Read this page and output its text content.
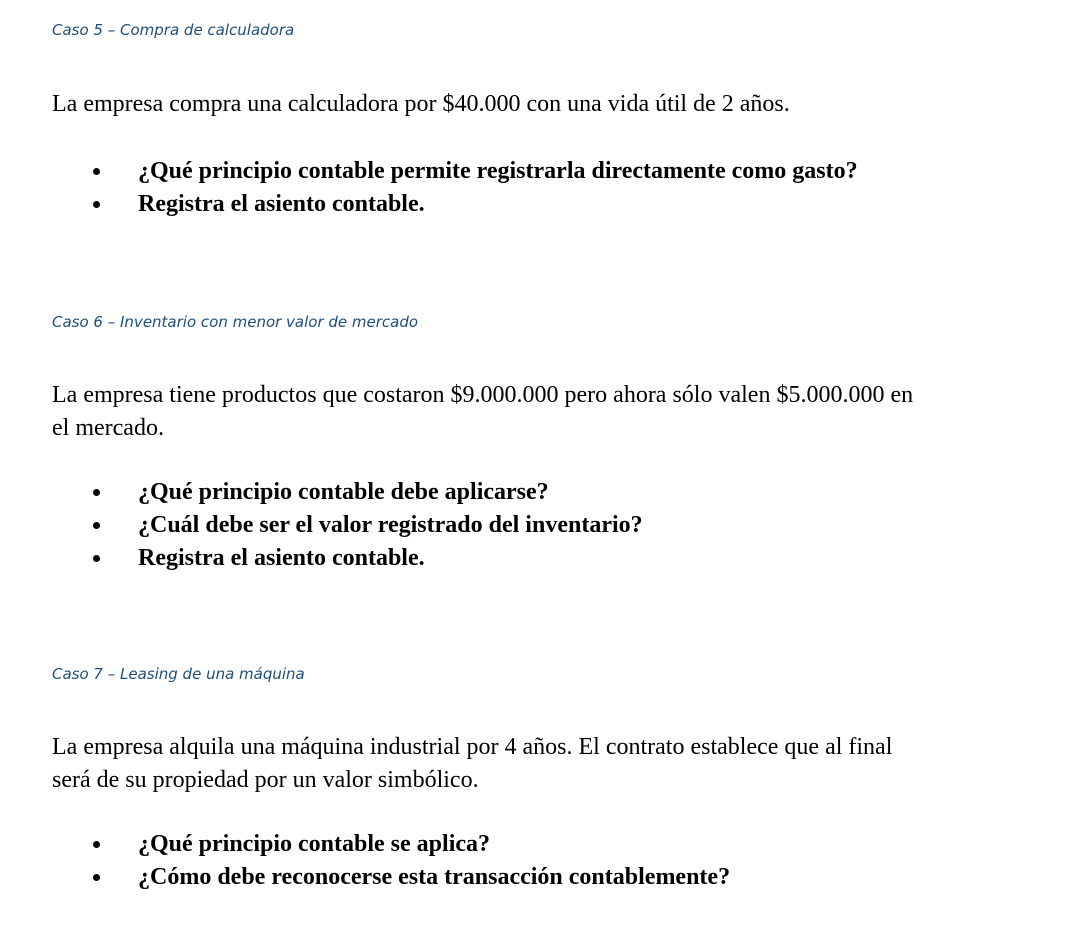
Caso 5 – Compra de calculadora

La empresa compra una calculadora por $40.000 con una vida útil de 2 años.

¿Qué principio contable permite registrarla directamente como gasto?
Registra el asiento contable.
Caso 6 – Inventario con menor valor de mercado

La empresa tiene productos que costaron $9.000.000 pero ahora sólo valen $5.000.000 en
el mercado.

¿Qué principio contable debe aplicarse?
¿Cuál debe ser el valor registrado del inventario?
Registra el asiento contable.
Caso 7 – Leasing de una máquina

La empresa alquila una máquina industrial por 4 años. El contrato establece que al final
será de su propiedad por un valor simbólico.

¿Qué principio contable se aplica?
¿Cómo debe reconocerse esta transacción contablemente?
